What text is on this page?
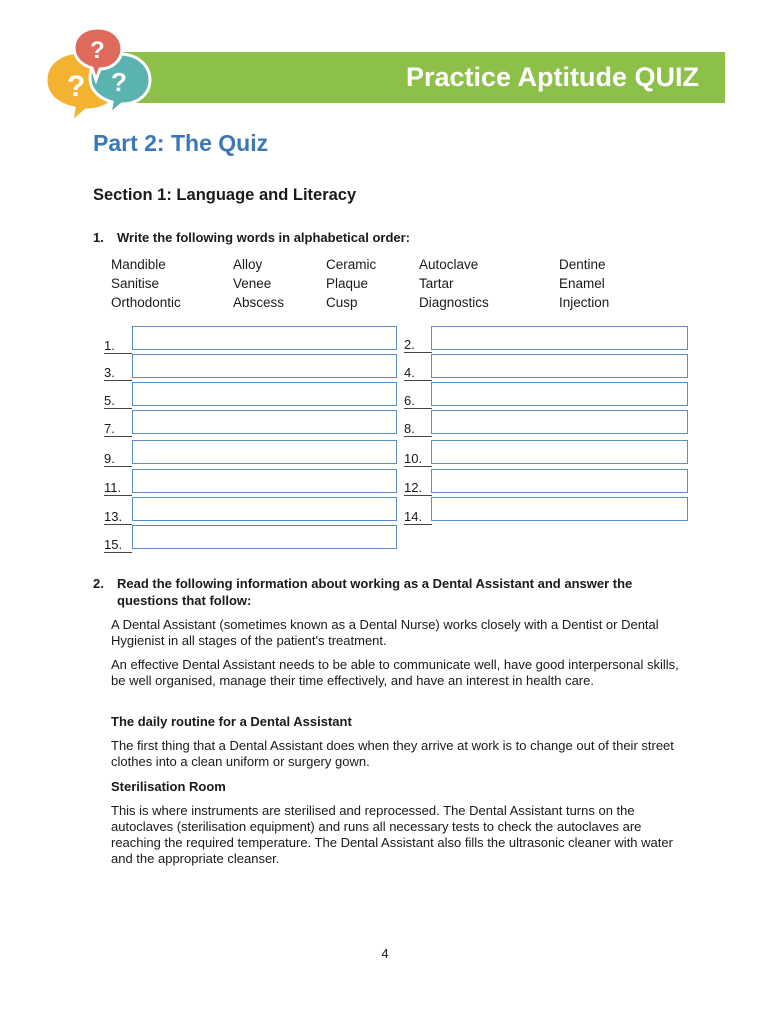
Practice Aptitude QUIZ
? ?
?
Part 2: The Quiz
Section 1: Language and Literacy
1.	Write the following words in alphabetical order:
Mandible	Alloy	Ceramic	Autoclave	Dentine
Sanitise	Venee	Plaque	Tartar	Enamel
Orthodontic	Abscess	Cusp	Diagnostics	Injection
1.	2.
3.	4.
5.	6.
7.	8.
9.	10.
11.	12.
13.	14.
15.
2.	Read the following information about working as a Dental Assistant and answer the questions that follow:

A Dental Assistant (sometimes known as a Dental Nurse) works closely with a Dentist or Dental Hygienist in all stages of the patient's treatment.

An effective Dental Assistant needs to be able to communicate well, have good interpersonal skills, be well organised, manage their time effectively, and have an interest in health care.

The daily routine for a Dental Assistant

The first thing that a Dental Assistant does when they arrive at work is to change out of their street clothes into a clean uniform or surgery gown.

Sterilisation Room

This is where instruments are sterilised and reprocessed. The Dental Assistant turns on the autoclaves (sterilisation equipment) and runs all necessary tests to check the autoclaves are reaching the required temperature. The Dental Assistant also fills the ultrasonic cleaner with water and the appropriate cleanser.

4
